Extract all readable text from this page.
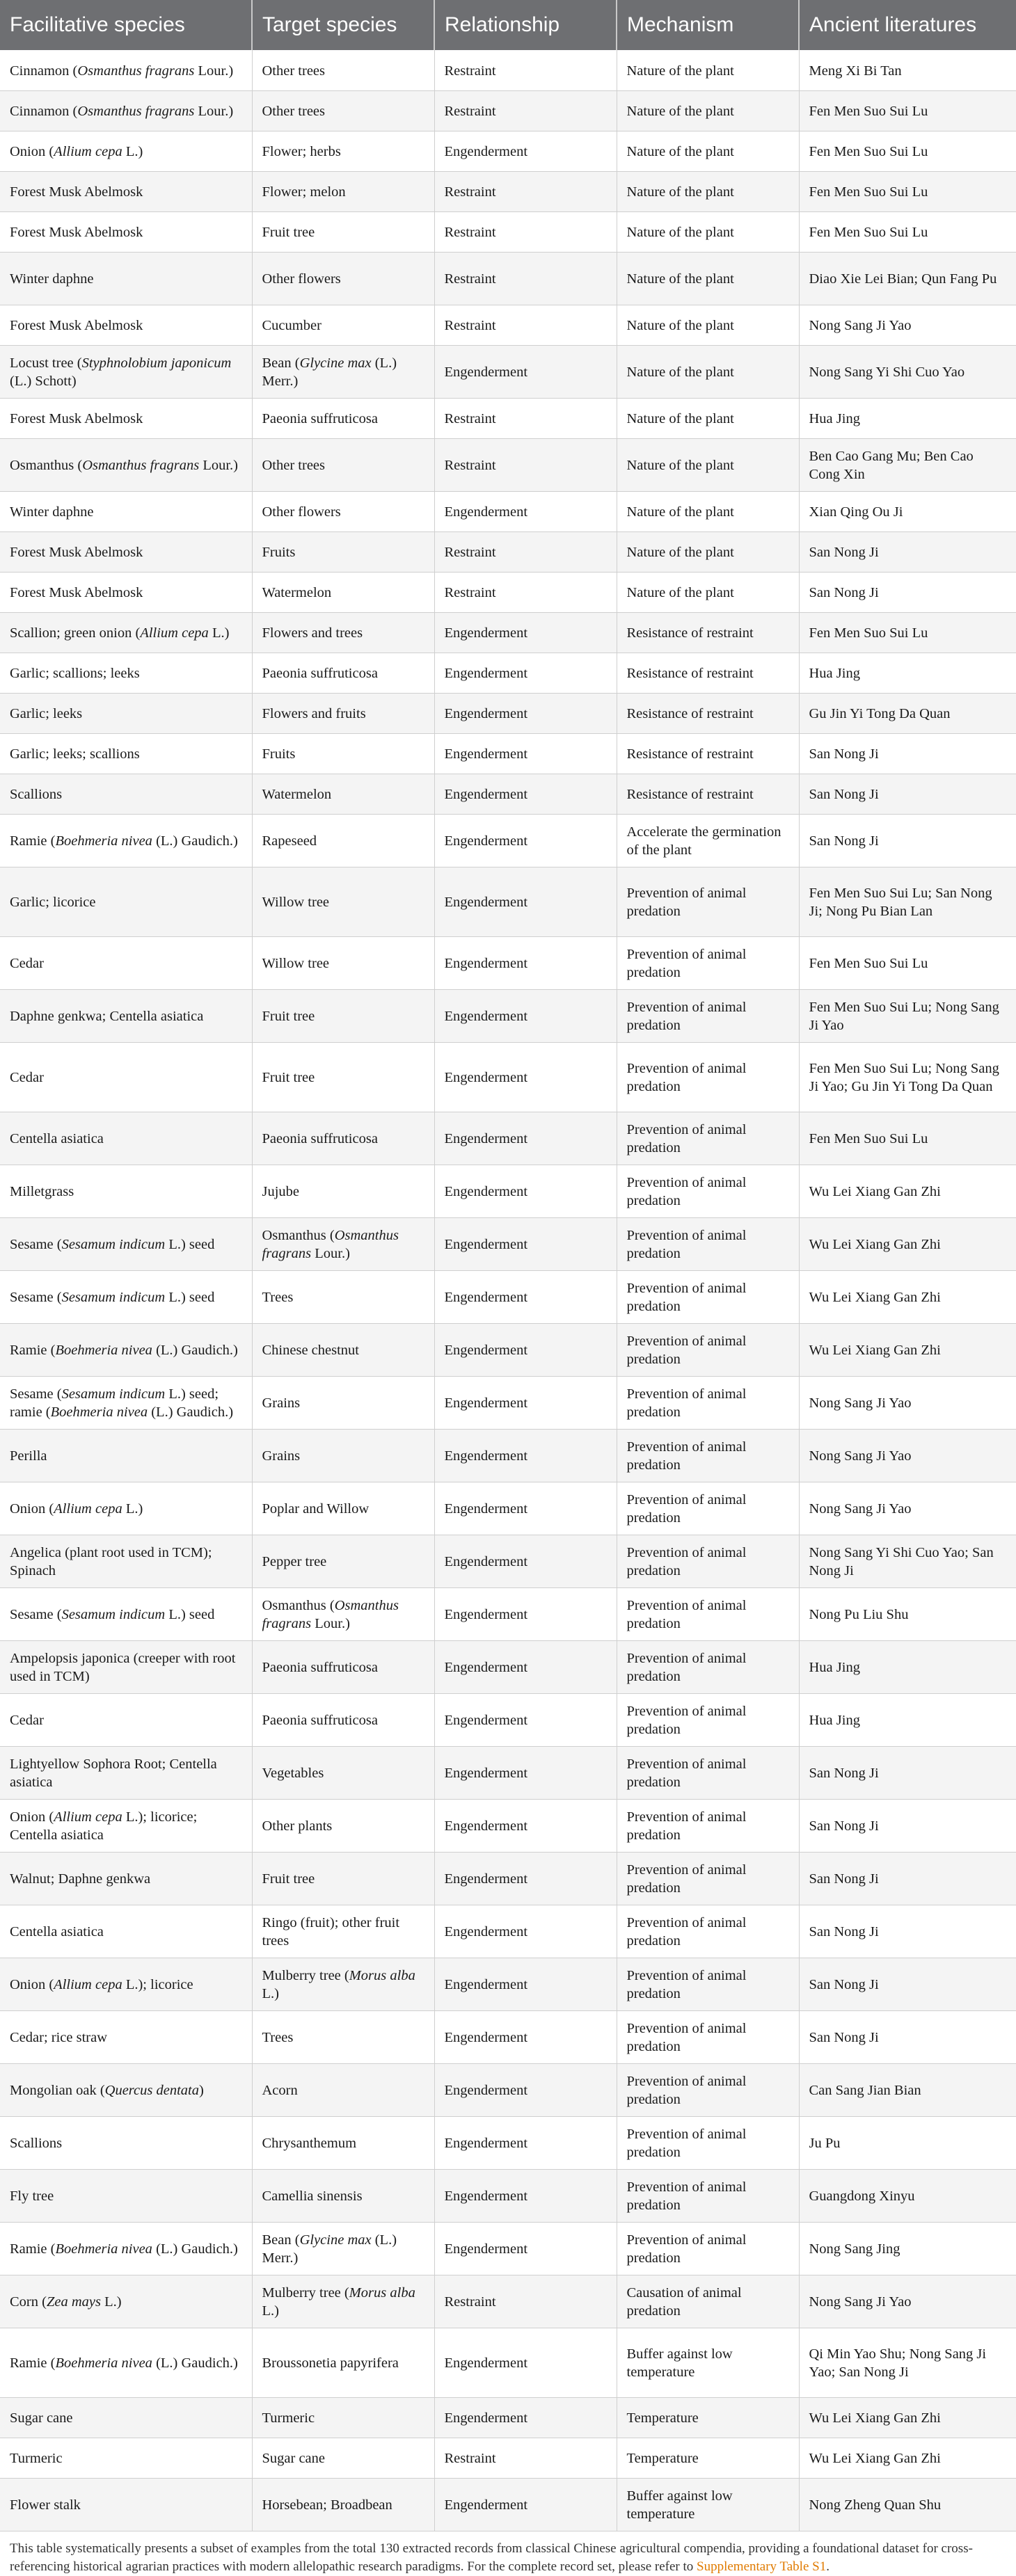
Facilitative species	Target species	Relationship	Mechanism	Ancient literatures
Cinnamon (Osmanthus fragrans Lour.)	Other trees	Restraint	Nature of the plant	Meng Xi Bi Tan
Cinnamon (Osmanthus fragrans Lour.)	Other trees	Restraint	Nature of the plant	Fen Men Suo Sui Lu
Onion (Allium cepa L.)	Flower; herbs	Engenderment	Nature of the plant	Fen Men Suo Sui Lu
Forest Musk Abelmosk	Flower; melon	Restraint	Nature of the plant	Fen Men Suo Sui Lu
Forest Musk Abelmosk	Fruit tree	Restraint	Nature of the plant	Fen Men Suo Sui Lu
Winter daphne	Other flowers	Restraint	Nature of the plant	Diao Xie Lei Bian; Qun Fang Pu
Forest Musk Abelmosk	Cucumber	Restraint	Nature of the plant	Nong Sang Ji Yao
Locust tree (Styphnolobium japonicum (L.) Schott)	Bean (Glycine max (L.) Merr.)	Engenderment	Nature of the plant	Nong Sang Yi Shi Cuo Yao
Forest Musk Abelmosk	Paeonia suffruticosa	Restraint	Nature of the plant	Hua Jing
Osmanthus (Osmanthus fragrans Lour.)	Other trees	Restraint	Nature of the plant	Ben Cao Gang Mu; Ben Cao Cong Xin
Winter daphne	Other flowers	Engenderment	Nature of the plant	Xian Qing Ou Ji
Forest Musk Abelmosk	Fruits	Restraint	Nature of the plant	San Nong Ji
Forest Musk Abelmosk	Watermelon	Restraint	Nature of the plant	San Nong Ji
Scallion; green onion (Allium cepa L.)	Flowers and trees	Engenderment	Resistance of restraint	Fen Men Suo Sui Lu
Garlic; scallions; leeks	Paeonia suffruticosa	Engenderment	Resistance of restraint	Hua Jing
Garlic; leeks	Flowers and fruits	Engenderment	Resistance of restraint	Gu Jin Yi Tong Da Quan
Garlic; leeks; scallions	Fruits	Engenderment	Resistance of restraint	San Nong Ji
Scallions	Watermelon	Engenderment	Resistance of restraint	San Nong Ji
Ramie (Boehmeria nivea (L.) Gaudich.)	Rapeseed	Engenderment	Accelerate the germination of the plant	San Nong Ji
Garlic; licorice	Willow tree	Engenderment	Prevention of animal predation	Fen Men Suo Sui Lu; San Nong Ji; Nong Pu Bian Lan
Cedar	Willow tree	Engenderment	Prevention of animal predation	Fen Men Suo Sui Lu
Daphne genkwa; Centella asiatica	Fruit tree	Engenderment	Prevention of animal predation	Fen Men Suo Sui Lu; Nong Sang Ji Yao
Cedar	Fruit tree	Engenderment	Prevention of animal predation	Fen Men Suo Sui Lu; Nong Sang Ji Yao; Gu Jin Yi Tong Da Quan
Centella asiatica	Paeonia suffruticosa	Engenderment	Prevention of animal predation	Fen Men Suo Sui Lu
Milletgrass	Jujube	Engenderment	Prevention of animal predation	Wu Lei Xiang Gan Zhi
Sesame (Sesamum indicum L.) seed	Osmanthus (Osmanthus fragrans Lour.)	Engenderment	Prevention of animal predation	Wu Lei Xiang Gan Zhi
Sesame (Sesamum indicum L.) seed	Trees	Engenderment	Prevention of animal predation	Wu Lei Xiang Gan Zhi
Ramie (Boehmeria nivea (L.) Gaudich.)	Chinese chestnut	Engenderment	Prevention of animal predation	Wu Lei Xiang Gan Zhi
Sesame (Sesamum indicum L.) seed; ramie (Boehmeria nivea (L.) Gaudich.)	Grains	Engenderment	Prevention of animal predation	Nong Sang Ji Yao
Perilla	Grains	Engenderment	Prevention of animal predation	Nong Sang Ji Yao
Onion (Allium cepa L.)	Poplar and Willow	Engenderment	Prevention of animal predation	Nong Sang Ji Yao
Angelica (plant root used in TCM); Spinach	Pepper tree	Engenderment	Prevention of animal predation	Nong Sang Yi Shi Cuo Yao; San Nong Ji
Sesame (Sesamum indicum L.) seed	Osmanthus (Osmanthus fragrans Lour.)	Engenderment	Prevention of animal predation	Nong Pu Liu Shu
Ampelopsis japonica (creeper with root used in TCM)	Paeonia suffruticosa	Engenderment	Prevention of animal predation	Hua Jing
Cedar	Paeonia suffruticosa	Engenderment	Prevention of animal predation	Hua Jing
Lightyellow Sophora Root; Centella asiatica	Vegetables	Engenderment	Prevention of animal predation	San Nong Ji
Onion (Allium cepa L.); licorice; Centella asiatica	Other plants	Engenderment	Prevention of animal predation	San Nong Ji
Walnut; Daphne genkwa	Fruit tree	Engenderment	Prevention of animal predation	San Nong Ji
Centella asiatica	Ringo (fruit); other fruit trees	Engenderment	Prevention of animal predation	San Nong Ji
Onion (Allium cepa L.); licorice	Mulberry tree (Morus alba L.)	Engenderment	Prevention of animal predation	San Nong Ji
Cedar; rice straw	Trees	Engenderment	Prevention of animal predation	San Nong Ji
Mongolian oak (Quercus dentata)	Acorn	Engenderment	Prevention of animal predation	Can Sang Jian Bian
Scallions	Chrysanthemum	Engenderment	Prevention of animal predation	Ju Pu
Fly tree	Camellia sinensis	Engenderment	Prevention of animal predation	Guangdong Xinyu
Ramie (Boehmeria nivea (L.) Gaudich.)	Bean (Glycine max (L.) Merr.)	Engenderment	Prevention of animal predation	Nong Sang Jing
Corn (Zea mays L.)	Mulberry tree (Morus alba L.)	Restraint	Causation of animal predation	Nong Sang Ji Yao
Ramie (Boehmeria nivea (L.) Gaudich.)	Broussonetia papyrifera	Engenderment	Buffer against low temperature	Qi Min Yao Shu; Nong Sang Ji Yao; San Nong Ji
Sugar cane	Turmeric	Engenderment	Temperature	Wu Lei Xiang Gan Zhi
Turmeric	Sugar cane	Restraint	Temperature	Wu Lei Xiang Gan Zhi
Flower stalk	Horsebean; Broadbean	Engenderment	Buffer against low temperature	Nong Zheng Quan Shu
This table systematically presents a subset of examples from the total 130 extracted records from classical Chinese agricultural compendia, providing a foundational dataset for cross-referencing historical agrarian practices with modern allelopathic research paradigms. For the complete record set, please refer to Supplementary Table S1.
